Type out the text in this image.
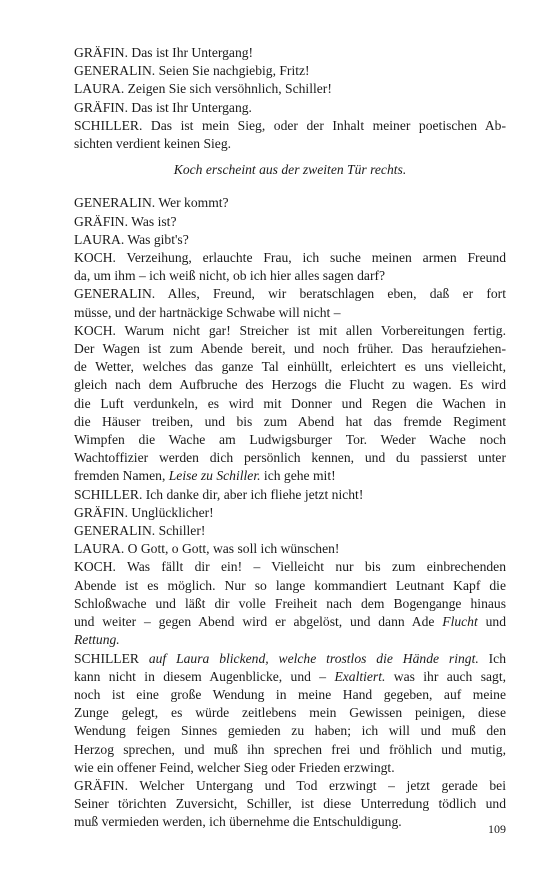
GRÄFIN. Das ist Ihr Untergang!
GENERALIN. Seien Sie nachgiebig, Fritz!
LAURA. Zeigen Sie sich versöhnlich, Schiller!
GRÄFIN. Das ist Ihr Untergang.
SCHILLER. Das ist mein Sieg, oder der Inhalt meiner poetischen Ab-
sichten verdient keinen Sieg.
Koch erscheint aus der zweiten Tür rechts.
GENERALIN. Wer kommt?
GRÄFIN. Was ist?
LAURA. Was gibt's?
KOCH. Verzeihung, erlauchte Frau, ich suche meinen armen Freund
da, um ihm – ich weiß nicht, ob ich hier alles sagen darf?
GENERALIN. Alles, Freund, wir beratschlagen eben, daß er fort
müsse, und der hartnäckige Schwabe will nicht –
KOCH. Warum nicht gar! Streicher ist mit allen Vorbereitungen fertig.
Der Wagen ist zum Abende bereit, und noch früher. Das heraufziehen-
de Wetter, welches das ganze Tal einhüllt, erleichtert es uns vielleicht,
gleich nach dem Aufbruche des Herzogs die Flucht zu wagen. Es wird
die Luft verdunkeln, es wird mit Donner und Regen die Wachen in
die Häuser treiben, und bis zum Abend hat das fremde Regiment
Wimpfen die Wache am Ludwigsburger Tor. Weder Wache noch
Wachtoffizier werden dich persönlich kennen, und du passierst unter
fremden Namen, Leise zu Schiller. ich gehe mit!
SCHILLER. Ich danke dir, aber ich fliehe jetzt nicht!
GRÄFIN. Unglücklicher!
GENERALIN. Schiller!
LAURA. O Gott, o Gott, was soll ich wünschen!
KOCH. Was fällt dir ein! – Vielleicht nur bis zum einbrechenden
Abende ist es möglich. Nur so lange kommandiert Leutnant Kapf die
Schloßwache und läßt dir volle Freiheit nach dem Bogengange hinaus
und weiter – gegen Abend wird er abgelöst, und dann Ade Flucht und
Rettung.
SCHILLER auf Laura blickend, welche trostlos die Hände ringt. Ich
kann nicht in diesem Augenblicke, und – Exaltiert. was ihr auch sagt,
noch ist eine große Wendung in meine Hand gegeben, auf meine
Zunge gelegt, es würde zeitlebens mein Gewissen peinigen, diese
Wendung feigen Sinnes gemieden zu haben; ich will und muß den
Herzog sprechen, und muß ihn sprechen frei und fröhlich und mutig,
wie ein offener Feind, welcher Sieg oder Frieden erzwingt.
GRÄFIN. Welcher Untergang und Tod erzwingt – jetzt gerade bei
Seiner törichten Zuversicht, Schiller, ist diese Unterredung tödlich und
muß vermieden werden, ich übernehme die Entschuldigung.	109
